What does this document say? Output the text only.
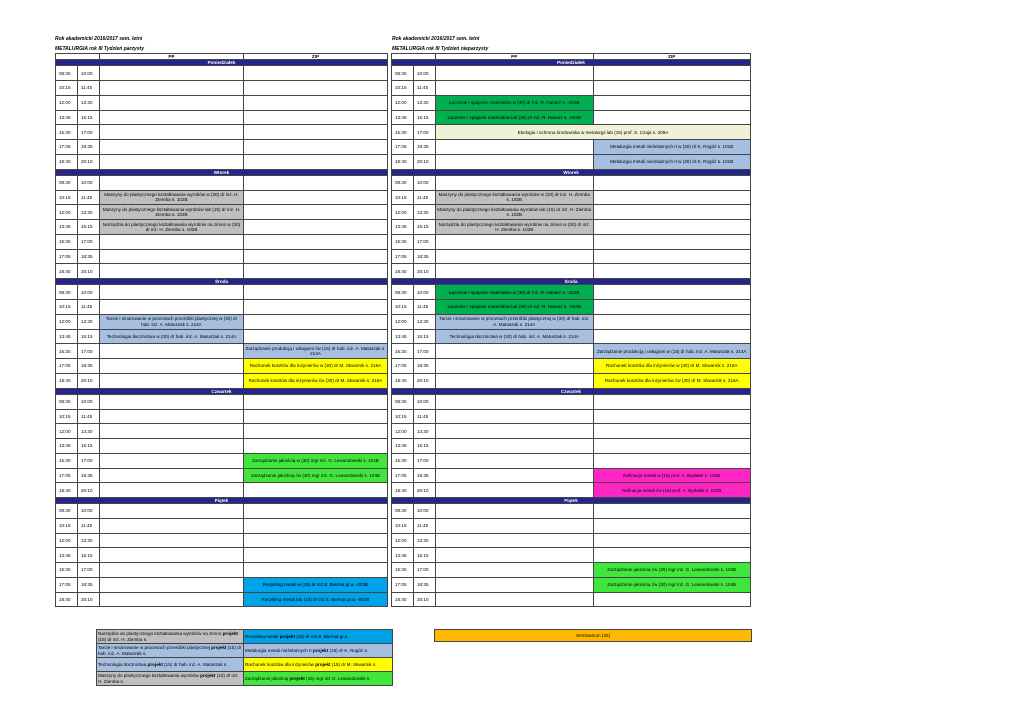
Rok akademicki 2016/2017 sem. letni
METALURGIA rok III Tydzień parzysty
Rok akademicki 2016/2017 sem. letni
METALURGIA rok III Tydzień nieparzysty
		PP	ZIP
Poniedziałek			
08:30	10:00		
10:15	11:45		
12:00	13:30		
13:45	15:15		
15:30	17:00		
17:05	18:35		
18:40	20:10		
Wtorek			
08:30	10:00		
10:15	11:45	Maszyny do plastycznego kształtowania wyrobów w (30) dr inż. H. Ziemba s. 102B	
12:00	13:30	Maszyny do plastycznego kształtowania wyrobów lab (15) dr inż. H. Ziemba s. 102B	
13:45	15:15	Narzędzia do plastycznego kształtowania wyrobów na zimno w (30) dr inż. H. Ziemba s. 102B	
15:30	17:00		
17:05	18:35		
18:40	20:10		
Środa			
08:30	10:00		
10:15	11:45		
12:00	13:30	Tarcie i smarowanie w procesach przeróbki plastycznej w (30) dr hab. inż. A. Matuszak s. 214A	
13:45	15:15	Technologia tłocznictwa w (30) dr hab. inż. A. Matuszak s. 214A	
15:30	17:00		Zarządzanie produkcją i usługami ćw (15) dr hab. inż. A. Matuszak s. 214A
17:05	18:35		Rachunek kosztów dla inżynierów w (30) dr M. Skwarnik s. 216A
18:40	20:10		Rachunek kosztów dla inżynierów ćw (30) dr M. Skwarnik s. 216A
Czwartek			
08:30	10:00		
10:15	11:45		
12:00	13:30		
13:45	15:15		
15:30	17:00		Zarządzanie jakością w (30) mgr inż. G. Lewandowski s. 104B
17:05	18:35		Zarządzanie jakością ćw (30) mgr inż. G. Lewandowski s. 104B
18:40	20:10		
Piątek			
08:30	10:00		
10:15	11:45		
12:00	13:30		
13:45	15:15		
15:30	17:00		
17:05	18:35		Recykling metali w (15) dr inż.S. Biernat gr.a. -003B
18:40	20:10		Recykling metali lab (15) dr inż.S. Biernat gr.a. -003B
		PP	ZIP
Poniedziałek			
08:30	10:00		
10:15	11:45		
12:00	13:30	Łączenie i spajanie materiałów w (30) dr inż. R. Hanarz s. -003B	
13:45	15:15	Łączenie i spajanie materiałów lab (30) dr inż. R. Hanarz s. -003B	
15:30	17:00	Ekologia i ochrona środowiska w metalurgii lab (15) prof. S. Czaja s. 209A	
17:05	18:35		Metalurgia metali nieżelaznych II w (30) dr K. Rogóż s. 101B
18:40	20:10		Metalurgia metali nieżelaznych II w (30) dr K. Rogóż s. 101B
Wtorek			
08:30	10:00		
10:15	11:45	Maszyny do plastycznego kształtowania wyrobów w (30) dr inż. H. Ziemba s. 102B	
12:00	13:30	Maszyny do plastycznego kształtowania wyrobów lab (15) dr inż. H. Ziemba s. 102B	
13:45	15:15	Narzędzia do plastycznego kształtowania wyrobów na zimno w (30) dr inż. H. Ziemba s. 102B	
15:30	17:00		
17:05	18:35		
18:40	20:10		
Środa			
08:30	10:00	Łączenie i spajanie materiałów w (30) dr inż. R. Hanarz s. -003B	
10:15	11:45	Łączenie i spajanie materiałów lab (30) dr inż. R. Hanarz s. -003B	
12:00	13:30	Tarcie i smarowanie w procesach przeróbki plastycznej w (30) dr hab. inż. A. Matuszak s. 214A	
13:45	15:15	Technologia tłocznictwa w (30) dr hab. inż. A. Matuszak s. 214A	
15:30	17:00		Zarządzanie produkcją i usługami w (15) dr hab. inż. A. Matuszak s. 214A
17:05	18:35		Rachunek kosztów dla inżynierów w (30) dr M. Skwarnik s. 216A
18:40	20:10		Rachunek kosztów dla inżynierów ćw (30) dr M. Skwarnik s. 216A
Czwartek			
08:30	10:00		
10:15	11:45		
12:00	13:30		
13:45	15:15		
15:30	17:00		
17:05	18:35		Rafinacja metali w (15) prof. A. Bydałek s. 102B
18:40	20:10		Rafinacja metali ćw (15) prof. A. Bydałek s. 102B
Piątek			
08:30	10:00		
10:15	11:45		
12:00	13:30		
13:45	15:15		
15:30	17:00		Zarządzanie jakością ćw (30) mgr inż. G. Lewandowski s. 104B
17:05	18:35		Zarządzanie jakością ćw (30) mgr inż. G. Lewandowski s. 104B
18:40	20:10		
Narzędzia do plastycznego kształtowania wyrobów na zimno projekt (15) dr inż. H. Ziemba s.	Recykling metali projekt (15) dr inż.S. Biernat gr.s.
Tarcie i smarowanie w procesach przeróbki plastycznej projekt (15) dr hab. inż. A. Matuszak s.	Metalurgia metali nieżelaznych II projekt (15) dr K. Rogóż s.
Technologia tłocznictwa projekt (15) dr hab. inż. A. Matuszak s.	Rachunek kosztów dla inżynierów projekt (15) dr M. Skwarnik s.
Maszyny do plastycznego kształtowania wyrobów projekt (15) dr inż. H. Ziemba s.	Zarządzanie jakością projekt (15) mgr inż G. Lewandowski s.
Seminarium (30)
